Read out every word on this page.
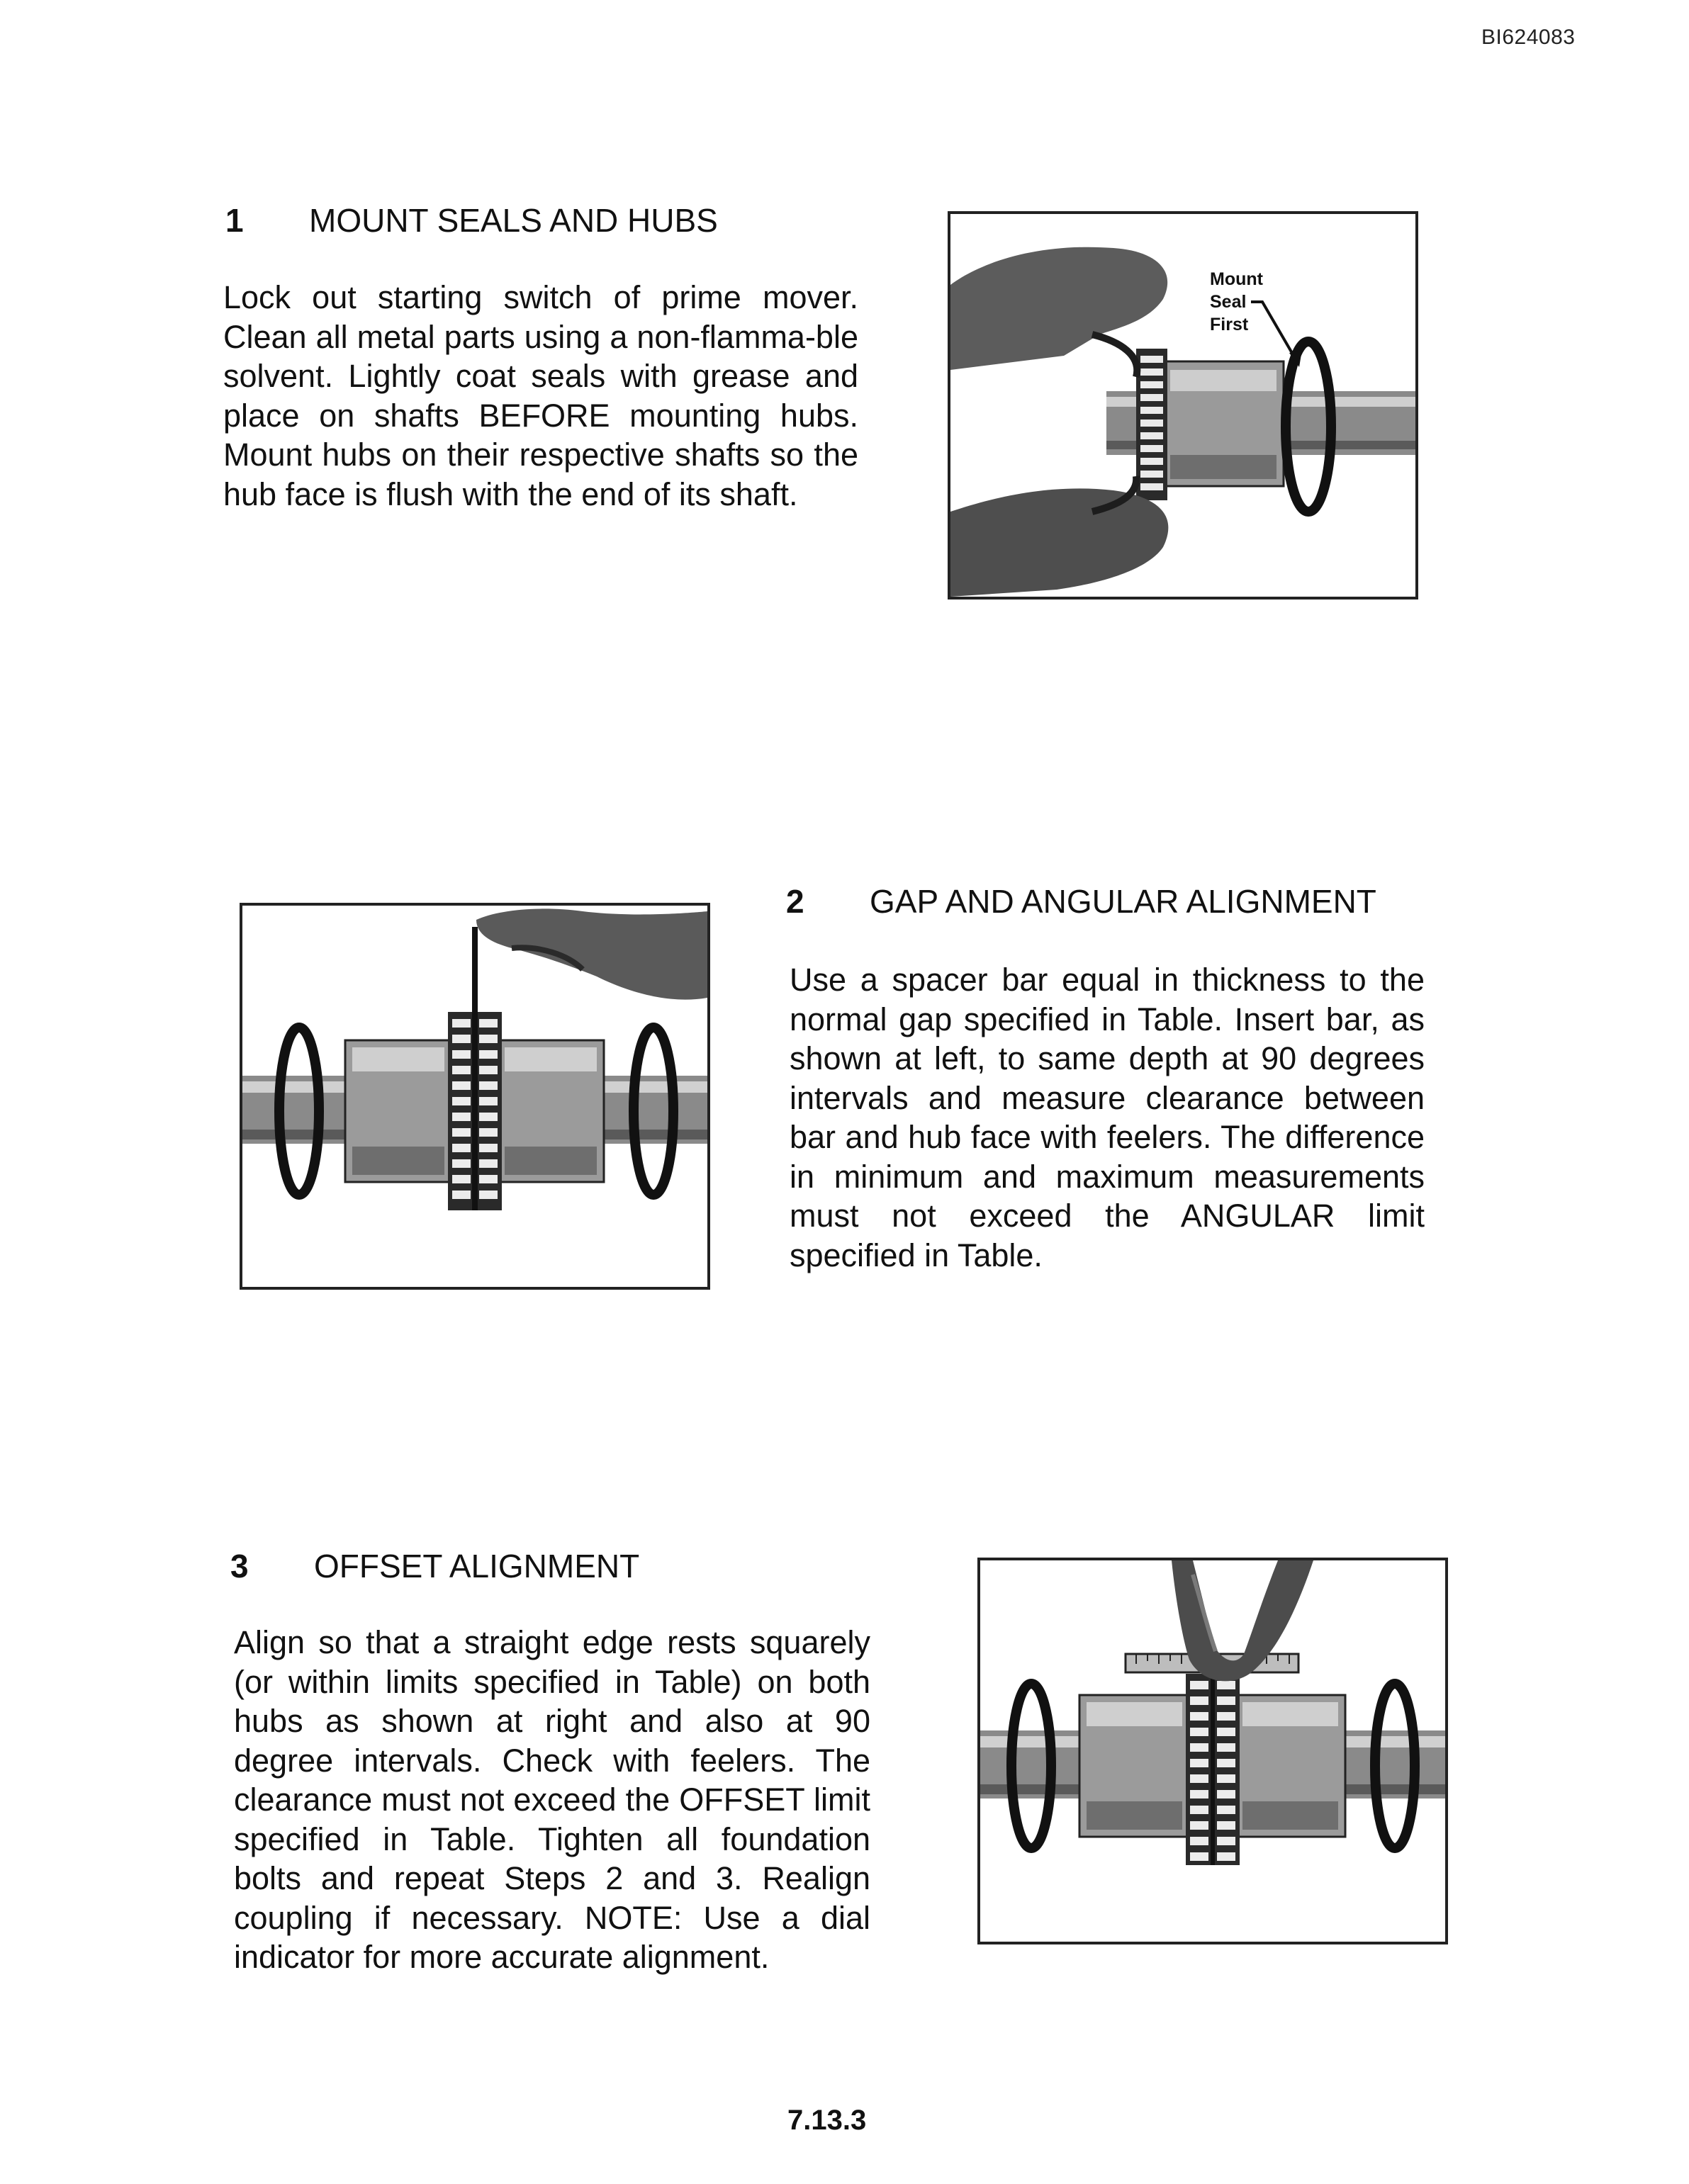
BI624083
1 MOUNT SEALS AND HUBS
Lock out starting switch of prime mover. Clean all metal parts using a non-flamma-ble solvent. Lightly coat seals with grease and place on shafts BEFORE mounting hubs. Mount hubs on their respective shafts so the hub face is flush with the end of its shaft.
Mount
Seal
First
2 GAP AND ANGULAR ALIGNMENT
Use a spacer bar equal in thickness to the normal gap specified in Table. Insert bar, as shown at left, to same depth at 90 degrees intervals and measure clearance between bar and hub face with feelers. The difference in minimum and maximum measurements must not exceed the ANGULAR limit specified in Table.
3 OFFSET ALIGNMENT
Align so that a straight edge rests squarely (or within limits specified in Table) on both hubs as shown at right and also at 90 degree intervals. Check with feelers. The clearance must not exceed the OFFSET limit specified in Table. Tighten all foundation bolts and repeat Steps 2 and 3. Realign coupling if necessary. NOTE: Use a dial indicator for more accurate alignment.
7.13.3
